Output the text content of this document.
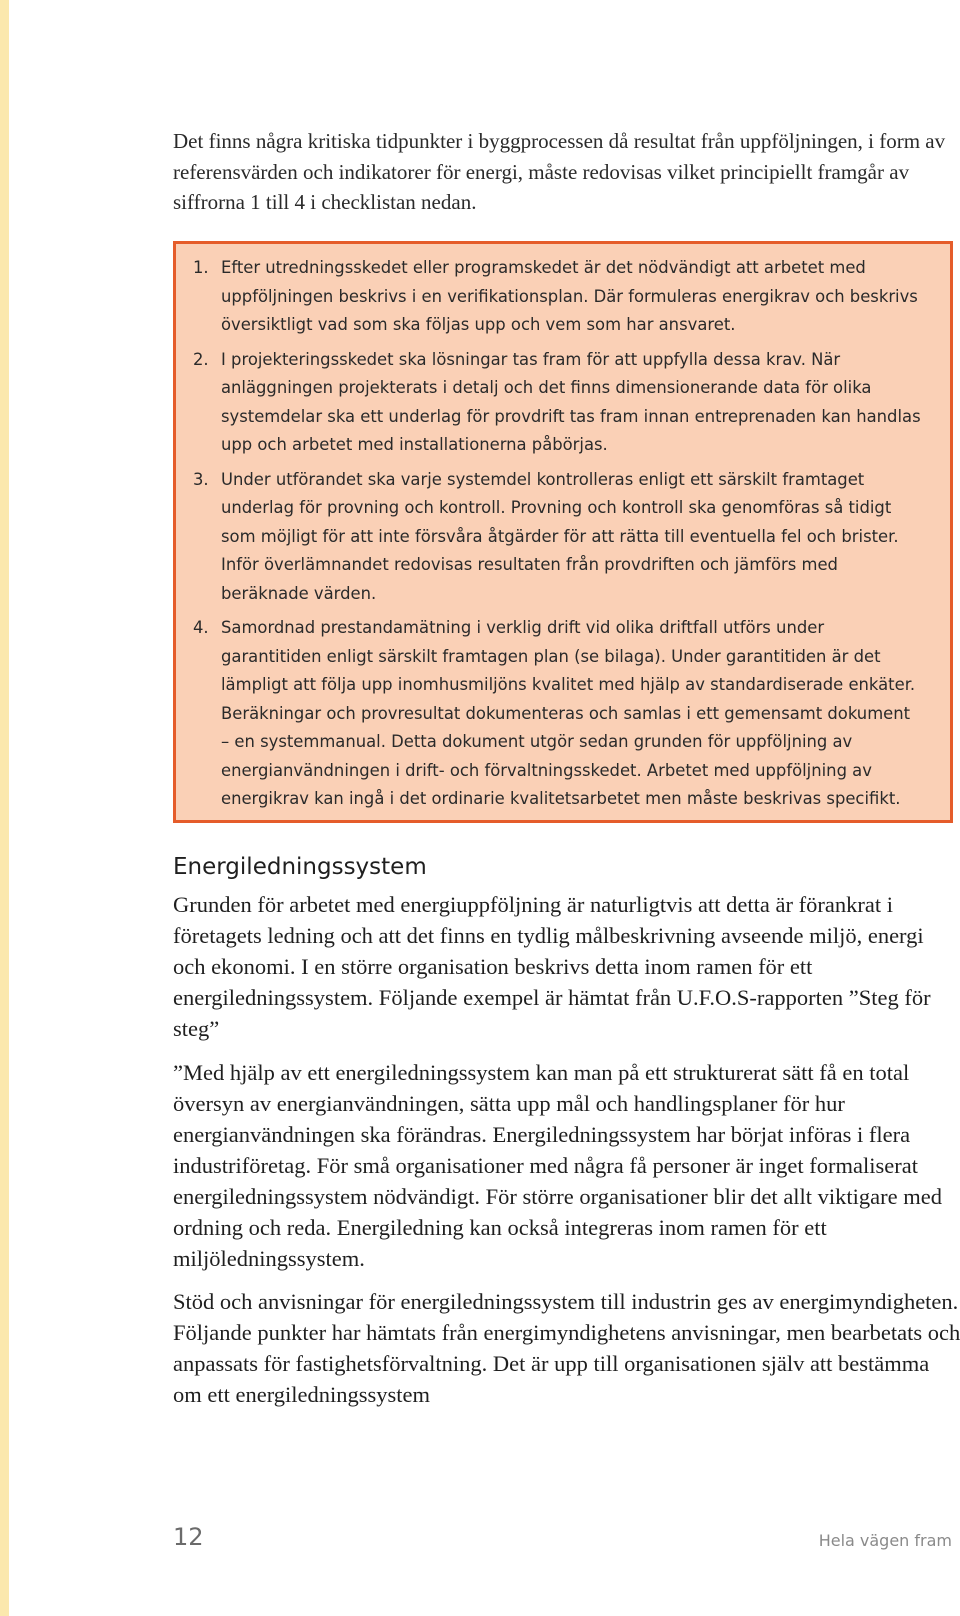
Det finns några kritiska tidpunkter i byggprocessen då resultat från uppföljningen, i form av referensvärden och indikatorer för energi, måste redovisas vilket principiellt framgår av siffrorna 1 till 4 i checklistan nedan.

1. Efter utredningsskedet eller programskedet är det nödvändigt att arbetet med uppföljningen beskrivs i en verifikationsplan. Där formuleras energikrav och beskrivs översiktligt vad som ska följas upp och vem som har ansvaret.
2. I projekteringsskedet ska lösningar tas fram för att uppfylla dessa krav. När anläggningen projekterats i detalj och det finns dimensionerande data för olika systemdelar ska ett underlag för provdrift tas fram innan entreprenaden kan handlas upp och arbetet med installationerna påbörjas.
3. Under utförandet ska varje systemdel kontrolleras enligt ett särskilt framtaget underlag för provning och kontroll. Provning och kontroll ska genomföras så tidigt som möjligt för att inte försvåra åtgärder för att rätta till eventuella fel och brister. Inför överlämnandet redovisas resultaten från provdriften och jämförs med beräknade värden.
4. Samordnad prestandamätning i verklig drift vid olika driftfall utförs under garantitiden enligt särskilt framtagen plan (se bilaga). Under garantitiden är det lämpligt att följa upp inomhusmiljöns kvalitet med hjälp av standardiserade enkäter. Beräkningar och provresultat dokumenteras och samlas i ett gemensamt dokument – en systemmanual. Detta dokument utgör sedan grunden för uppföljning av energianvändningen i drift- och förvaltningsskedet. Arbetet med uppföljning av energikrav kan ingå i det ordinarie kvalitetsarbetet men måste beskrivas specifikt.
Energiledningssystem

Grunden för arbetet med energiuppföljning är naturligtvis att detta är förankrat i företagets ledning och att det finns en tydlig målbeskrivning avseende miljö, energi och ekonomi. I en större organisation beskrivs detta inom ramen för ett energiledningssystem. Följande exempel är hämtat från U.F.O.S-rapporten ”Steg för steg”

”Med hjälp av ett energiledningssystem kan man på ett strukturerat sätt få en total översyn av energianvändningen, sätta upp mål och handlingsplaner för hur energianvändningen ska förändras. Energiledningssystem har börjat införas i flera industriföretag. För små organisationer med några få personer är inget formaliserat energiledningssystem nödvändigt. För större organisationer blir det allt viktigare med ordning och reda. Energiledning kan också integreras inom ramen för ett miljöledningssystem.

Stöd och anvisningar för energiledningssystem till industrin ges av energimyndigheten. Följande punkter har hämtats från energimyndighetens anvisningar, men bearbetats och anpassats för fastighetsförvaltning. Det är upp till organisationen själv att bestämma om ett energiledningssystem

12	Hela vägen fram
